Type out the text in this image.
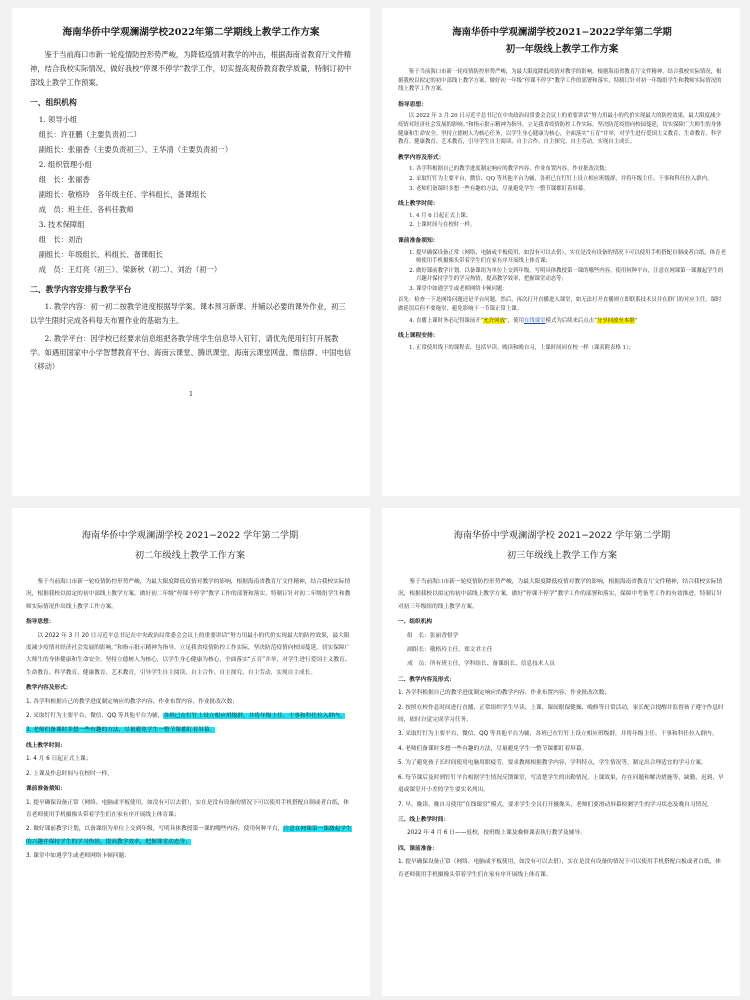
海南华侨中学观澜湖学校2022年第二学期线上教学工作方案

鉴于当前海口市新一轮疫情防控形势严峻，为降低疫情对教学的冲击，根据海南省教育厅文件精神，结合我校实际情况，做好我校“停课不停学”教学工作，切实提高观侨教育教学质量，特制订初中部线上教学工作预案。

一、组织机构

1. 领导小组

组长：许亚鹏（主要负责初二）

副组长：张丽香（主要负责初三）、王华清（主要负责初一）

2. 组织管理小组

组　长：张丽香

副组长：敬格玲　各年级主任、学科组长，备课组长

成　员：班主任、各科任教师

3. 技术保障组

组　长：刘治

副组长：年级组长、科组长、备课组长

成　员：王灯亮（初三）、梁新秋（初二）、刘治（初一）

二、教学内容安排与教学平台

1. 教学内容：初一初二按教学进度根据导学案、课本预习新课、并辅以必要的课外作业，初三以学生限时完成各科每天布置作业的基础为主。

2. 教学平台：因学校已经要求信息组把各教学班学生信息导入钉钉，请优先使用钉钉开展教学。如遇用国家中小学智慧教育平台、海南云课堂、腾讯课堂、海南云课堂网盘、微信群、中国电信（移动）

1

海南华侨中学观澜湖学校2021−2022学年第二学期
初一年级线上教学工作方案

鉴于当前海口市新一轮疫情防控形势严峻，为最大限度降低疫情对教学的影响，根据海南省教育厅文件精神，结合我校实际情况，根据我校以拟定的初中部线上教学方案，做好初一年级“停课不停学”教学工作的部署和落实，特制订针对初一年级组学生和教师实际情况的线上教学工作方案。

指导思想：

以 2022 年 3 月 20 日习近平总书记在中央政治局常委会会议上的重要讲话“努力用最小的代价实现最大的防控效果，最大限度减少疫情对经济社会发展的影响。”和指示批示精神为指导，立足我省疫情防控工作实际，坚决防范疫情向校园蔓延，切实保障广大师生的身体健康和生命安全。坚持立德树人为核心任务，以学生身心健康为核心，全面落实“五育”并举，对学生进行爱国主义教育、生命教育、科学教育、健康教育、艺术教育，引导学生自主阅读、自主合作、自主探究，自主劳动，实现自主成长。

教学内容及形式：

1. 各学科根据自己的教学进度制定响应的教学内容、作业布置内容、作业批改次数；
2. 采取钉钉为主要平台，微信、QQ 等其他平台为辅，各班已在钉钉上设立相应班级群，并将年级主任、干事和科任拉入群内。
3. 老师们备课时多想一些有趣的方法，尽量避免学生一整节课都盯着屏幕。

线上教学时间：

1. 4 月 6 日起正式上课；
2. 上课时间与在校时一样。

课前准备须知：

1. 提早确保设备正常（网络、电脑或平板使用，如没有可以去借），实在是没有设备的情况下可以使用手机搭配自制或者白纸，体育老师使用手机摄像头带着学生们在家有序开展线上体育课；
2. 做好课前教学计划，以备课组为单位上交到年级，写明具体教授第一课的哪些内容，使用何种平台，注意在网课第一课激起学生的兴趣并保持学生的学习热情，提高教学效率，把握课堂动态等；
3. 课堂中如遇学生或老师网络卡顿问题：

首先：检查一下是网络问题还是平台问题，然后，再次打开直播进入课堂，如无法打开直播则立即联系技术员并在群门的对应主任，课时做延误后但不要拖堂，避免影响下一节课正常上课。

4. 直播上课时务必记得课前开“允许回放”，使用在线课堂模式为后续来后点击“分享回放至本群”

线上课程安排：

1. 正常使用线下的课程表，包括早读、晚读和晚自习，上课时间同在校一样（课表附表格 1）；
海南华侨中学观澜湖学校 2021−2022 学年第二学期
初二年级线上教学工作方案

鉴于当前海口市新一轮疫情防控形势严峻，为最大限度降低疫情对教学的影响，根据海南省教育厅文件精神，结合我校实际情况，根据我校以拟定的初中部线上教学方案，做好初二年级“停课不停学”教学工作的部署和落实，特制订针对初二年级组学生和教师实际情况作出线上教学工作方案。

指导思想：

以 2022 年 3 月 20 日习近平总书记在中央政治局常委会会议上的重要讲话“努力用最小的代价实现最大的防控效果，最大限度减少疫情对经济社会发展的影响。”和指示批示精神为指导，立足我省疫情防控工作实际，坚决防范疫情向校园蔓延，切实保障广大师生的身体健康和生命安全。坚持立德树人为核心，以学生身心健康为核心，全面落实“五育”并举，对学生进行爱国主义教育、生命教育、科学教育、健康教育、艺术教育，引导学生自主阅读、自主合作、自主探究、自主劳动，实现自主成长。

教学内容及形式：

1. 各学科根据自己的教学进度制定响应的教学内容、作业布置内容、作业批改次数；

2. 采取钉钉为主要平台，微信、QQ 等其他平台为辅，各班已在钉钉上设立相应班级群，并将年级主任、干事和科任拉入群内。

3. 老师们备课时多想一些有趣的方法，尽量避免学生一整节课都盯着屏幕。

线上教学时间：

1. 4 月 6 日起正式上课；

2. 上课及作息时间与在校时一样。

课前准备须知：

1. 提早确保设备正常（网络、电脑或平板使用，如没有可以去借），实在是没有设备的情况下可以使用手机搭配自制或者白纸，体育老师使用手机摄像头带着学生们在家有序开展线上体育课；

2. 做好课前教学计划，以备课组为单位上交到年级，写明具体教授第一课的哪些内容，使用何种平台，注意在网课第一课激起学生的兴趣并保持学生的学习热情，提高教学效率，把握课堂动态等；

3. 课堂中如遇学生或老师网络卡顿问题：

海南华侨中学观澜湖学校 2021−2022 学年第二学期
初三年级线上教学工作方案

鉴于当前海口市新一轮疫情防控形势严峻，为最大限度降低疫情对教学的影响，根据海南省教育厅文件精神，结合我校实际情况，根据我校以拟定的初中部线上教学方案，做好“停课不停学”教学工作的部署和落实，保障中考备考工作的有效推进，特制订针对初三年级组的线上教学方案。

一、组织机构

组　长：张丽香督学

副组长：敬格玲主任、郑文君主任

成　员：所有班主任、学科组长、备课组长、信息技术人员

二、教学内容及形式：

1. 各学科根据自己的教学进度制定响应的教学内容、作业布置内容、作业批改次数；

2. 按照在校作息时间进行直播，正常组织学生早读、上课、课间眼保健操、晚修等日常活动，家长配合提醒并监督孩子遵守作息时间，依时自觉完成学习任务。

3. 采取钉钉为主要平台，微信、QQ 等其他平台为辅，各班已在钉钉上设立相应班级群，并将年级主任、干事和科任拉入群内。

4. 老师们备课时多想一些有趣的方法，尽量避免学生一整节课都盯着屏幕。

5. 为了避免孩子长时间使用电脑用眼疲劳，要求教师根据教学内容，学科特点，学生情况等，制定出合理适宜的学习方案。

6. 每节课后及时到钉钉平台根据学生情况反馈课堂，写清楚学生的出勤情况，上课效果，存在问题和解决措施等，缺勤，迟到，早退或课堂开小差的学生要实名列出。

7. 早、晚读、晚自习使用“在线课堂”模式，要求学生全员打开摄像头，老师们要滑动屏幕检测学生的学习状态及晚自习情况。

三、线上教学时间：

2022 年 4 月 6 日——返校，按班级上课及晚修课表执行教学及辅导。

四、课前准备：

1. 提早确保设备正常（网络、电脑或平板使用，如没有可以去借），实在是没有设备的情况下可以使用手机搭配白板或者白纸，体育老师使用手机摄像头带着学生们在家有序开展线上体育课。
